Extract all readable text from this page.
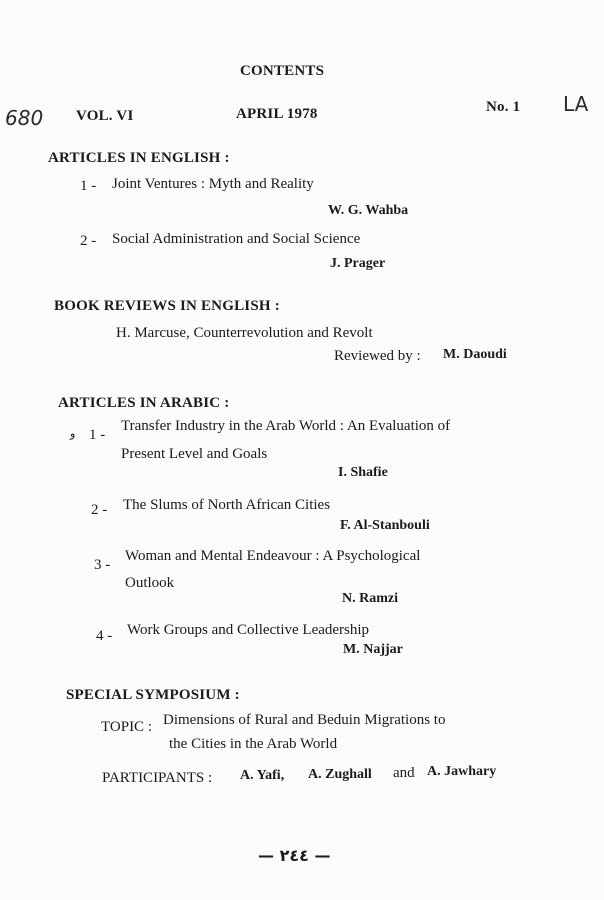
CONTENTS
680 VOL. VI	APRIL 1978	No. 1 LA
ARTICLES IN ENGLISH :
1 - Joint Ventures : Myth and Reality
W. G. Wahba
2 - Social Administration and Social Science
J. Prager
BOOK REVIEWS IN ENGLISH :
H. Marcuse, Counterrevolution and Revolt
Reviewed by : M. Daoudi
ARTICLES IN ARABIC :
ﻭ 1 -
Transfer Industry in the Arab World : An Evaluation of
Present Level and Goals
I. Shafie
2 - The Slums of North African Cities
F. Al-Stanbouli
3 -
Woman and Mental Endeavour : A Psychological
Outlook
N. Ramzi
4 - Work Groups and Collective Leadership
M. Najjar
SPECIAL SYMPOSIUM :
TOPIC : Dimensions of Rural and Beduin Migrations to
the Cities in the Arab World
PARTICIPANTS : A. Yafi, A. Zughall and A. Jawhary
— ٢٤٤ —
